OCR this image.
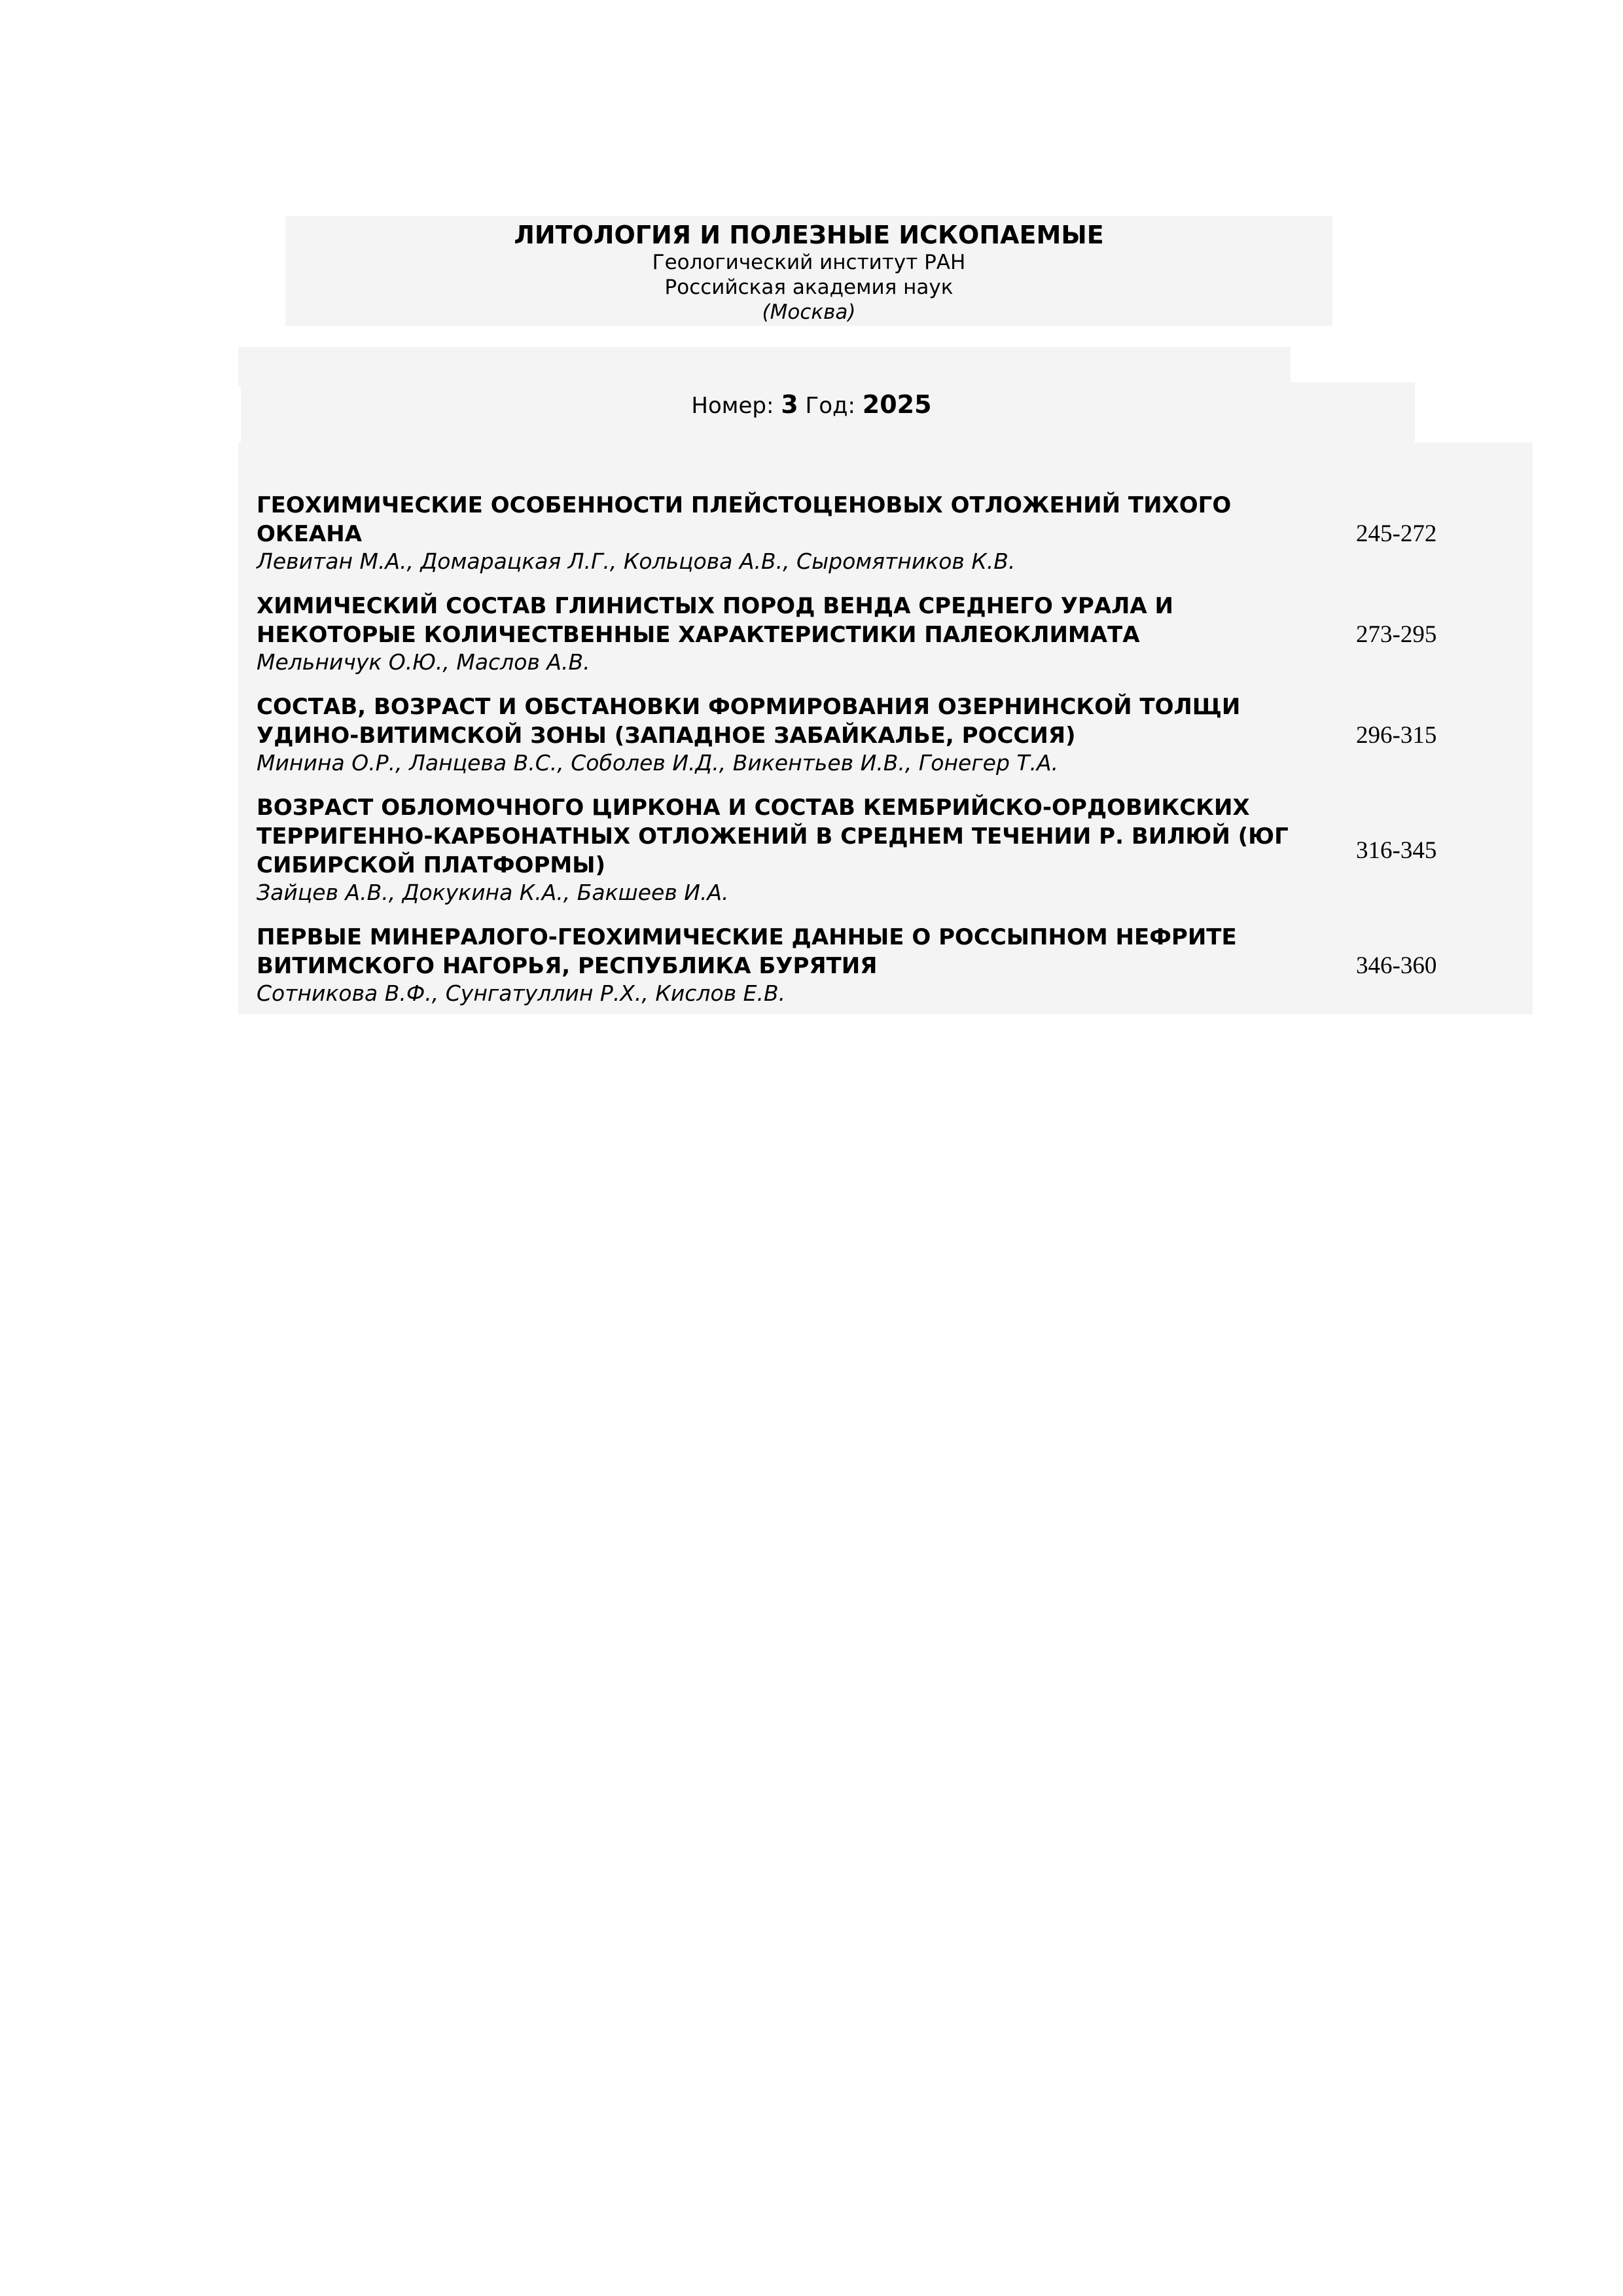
ЛИТОЛОГИЯ И ПОЛЕЗНЫЕ ИСКОПАЕМЫЕ
Геологический институт РАН
Российская академия наук
(Москва)
Номер: 3 Год: 2025
ГЕОХИМИЧЕСКИЕ ОСОБЕННОСТИ ПЛЕЙСТОЦЕНОВЫХ ОТЛОЖЕНИЙ ТИХОГО ОКЕАНА
Левитан М.А., Домарацкая Л.Г., Кольцова А.В., Сыромятников К.В.
245-272
ХИМИЧЕСКИЙ СОСТАВ ГЛИНИСТЫХ ПОРОД ВЕНДА СРЕДНЕГО УРАЛА И НЕКОТОРЫЕ КОЛИЧЕСТВЕННЫЕ ХАРАКТЕРИСТИКИ ПАЛЕОКЛИМАТА
Мельничук О.Ю., Маслов А.В.
273-295
СОСТАВ, ВОЗРАСТ И ОБСТАНОВКИ ФОРМИРОВАНИЯ ОЗЕРНИНСКОЙ ТОЛЩИ УДИНО-ВИТИМСКОЙ ЗОНЫ (ЗАПАДНОЕ ЗАБАЙКАЛЬЕ, РОССИЯ)
Минина О.Р., Ланцева В.С., Соболев И.Д., Викентьев И.В., Гонегер Т.А.
296-315
ВОЗРАСТ ОБЛОМОЧНОГО ЦИРКОНА И СОСТАВ КЕМБРИЙСКО-ОРДОВИКСКИХ ТЕРРИГЕННО-КАРБОНАТНЫХ ОТЛОЖЕНИЙ В СРЕДНЕМ ТЕЧЕНИИ Р. ВИЛЮЙ (ЮГ СИБИРСКОЙ ПЛАТФОРМЫ)
Зайцев А.В., Докукина К.А., Бакшеев И.А.
316-345
ПЕРВЫЕ МИНЕРАЛОГО-ГЕОХИМИЧЕСКИЕ ДАННЫЕ О РОССЫПНОМ НЕФРИТЕ ВИТИМСКОГО НАГОРЬЯ, РЕСПУБЛИКА БУРЯТИЯ
Сотникова В.Ф., Сунгатуллин Р.Х., Кислов Е.В.
346-360
